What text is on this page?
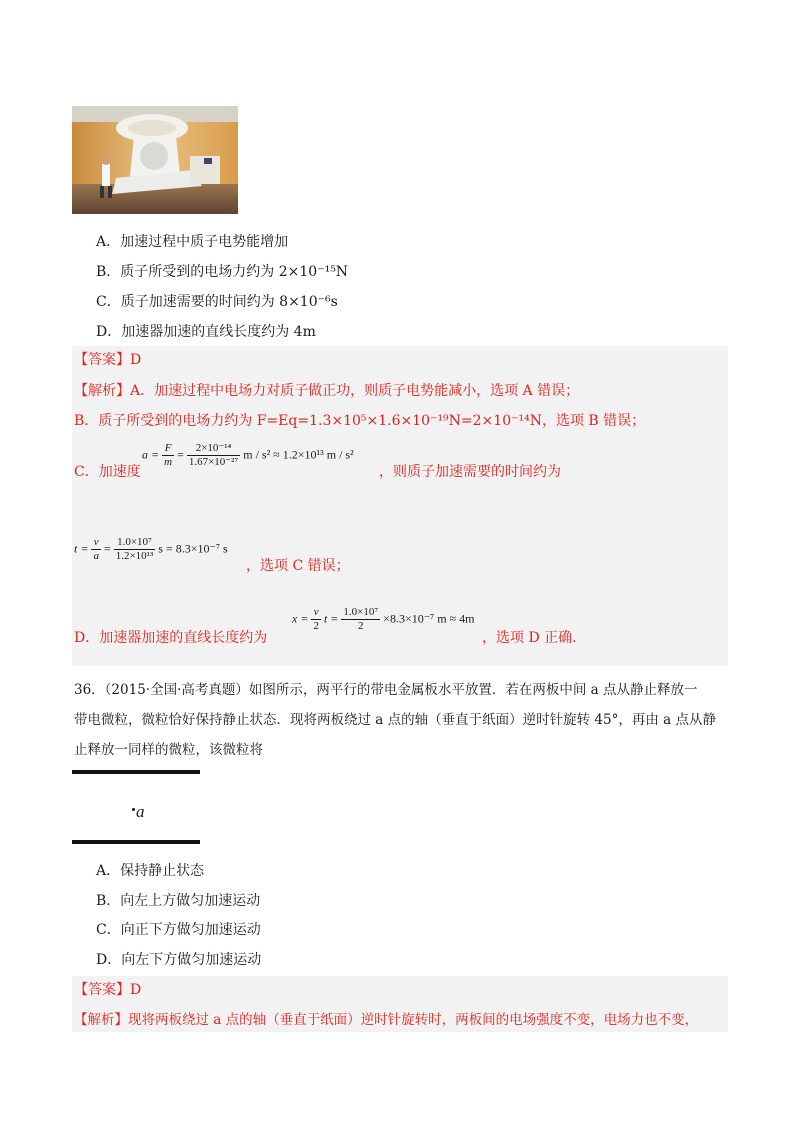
A．加速过程中质子电势能增加
B．质子所受到的电场力约为 2×10⁻¹⁵N
C．质子加速需要的时间约为 8×10⁻⁶s
D．加速器加速的直线长度约为 4m
【答案】D
【解析】A．加速过程中电场力对质子做正功，则质子电势能减小，选项 A 错误；
B．质子所受到的电场力约为 F=Eq=1.3×10⁵×1.6×10⁻¹⁹N=2×10⁻¹⁴N，选项 B 错误；
C．加速度
$a = \frac{F}{m} = \frac{\text{2×10⁻¹⁴}}{\text{1.67×10⁻²⁷}}$ m / s² ≈ 1.2×10¹³ m / s²
，则质子加速需要的时间约为
$t = \frac{v}{a} = \frac{\text{1.0×10⁷}}{\text{1.2×10¹³}}$ s = 8.3×10⁻⁷ s
，选项 C 错误；
D．加速器加速的直线长度约为
$x = \frac{v}{2}$ $t = \frac{\text{1.0×10⁷}}{2} \times 8.3\times 10^{-7}$ m ≈ 4m
，选项 D 正确．
36．（2015·全国·高考真题）如图所示，两平行的带电金属板水平放置．若在两板中间 a 点从静止释放一
带电微粒，微粒恰好保持静止状态．现将两板绕过 a 点的轴（垂直于纸面）逆时针旋转 45°，再由 a 点从静
止释放一同样的微粒，该微粒将
a
A．保持静止状态
B．向左上方做匀加速运动
C．向正下方做匀加速运动
D．向左下方做匀加速运动
【答案】D
【解析】现将两板绕过 a 点的轴（垂直于纸面）逆时针旋转时，两板间的电场强度不变，电场力也不变，
